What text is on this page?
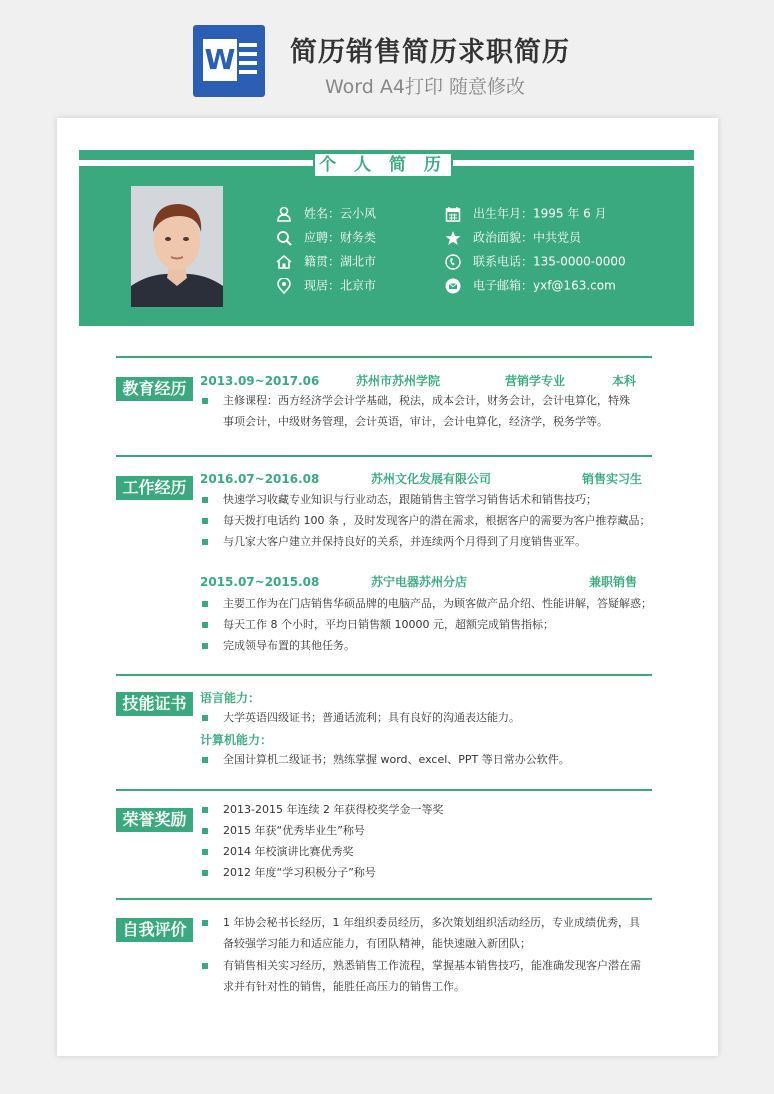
W 简历销售简历求职简历
Word A4打印 随意修改
姓名：云小风
应聘：财务类
籍贯：湖北市
现居：北京市
出生年月：1995 年 6 月
政治面貌：中共党员
联系电话：135-0000-0000
电子邮箱：yxf@163.com
个 人 简 历
教育经历	2013.09~2017.06	苏州市苏州学院	营销学专业	本科
主修课程：西方经济学会计学基础，税法，成本会计，财务会计，会计电算化，特殊
事项会计，中级财务管理，会计英语，审计，会计电算化，经济学，税务学等。
工作经历	2016.07~2016.08	苏州文化发展有限公司	销售实习生
快速学习收藏专业知识与行业动态，跟随销售主管学习销售话术和销售技巧；
每天拨打电话约 100 条 ，及时发现客户的潜在需求，根据客户的需要为客户推荐藏品；
与几家大客户建立并保持良好的关系，并连续两个月得到了月度销售亚军。
2015.07~2015.08	苏宁电器苏州分店	兼职销售
主要工作为在门店销售华硕品牌的电脑产品，为顾客做产品介绍、性能讲解，答疑解惑；
每天工作 8 个小时，平均日销售额 10000 元，超额完成销售指标；
完成领导布置的其他任务。
技能证书	语言能力：
大学英语四级证书；普通话流利；具有良好的沟通表达能力。
计算机能力：
全国计算机二级证书；熟练掌握 word、excel、PPT 等日常办公软件。
荣誉奖励
2013-2015 年连续 2 年获得校奖学金一等奖
2015 年获“优秀毕业生”称号
2014 年校演讲比赛优秀奖
2012 年度“学习积极分子”称号
自我评价	1 年协会秘书长经历，1 年组织委员经历，多次策划组织活动经历，专业成绩优秀，具
备较强学习能力和适应能力，有团队精神，能快速融入新团队；
有销售相关实习经历，熟悉销售工作流程，掌握基本销售技巧，能准确发现客户潜在需
求并有针对性的销售，能胜任高压力的销售工作。
